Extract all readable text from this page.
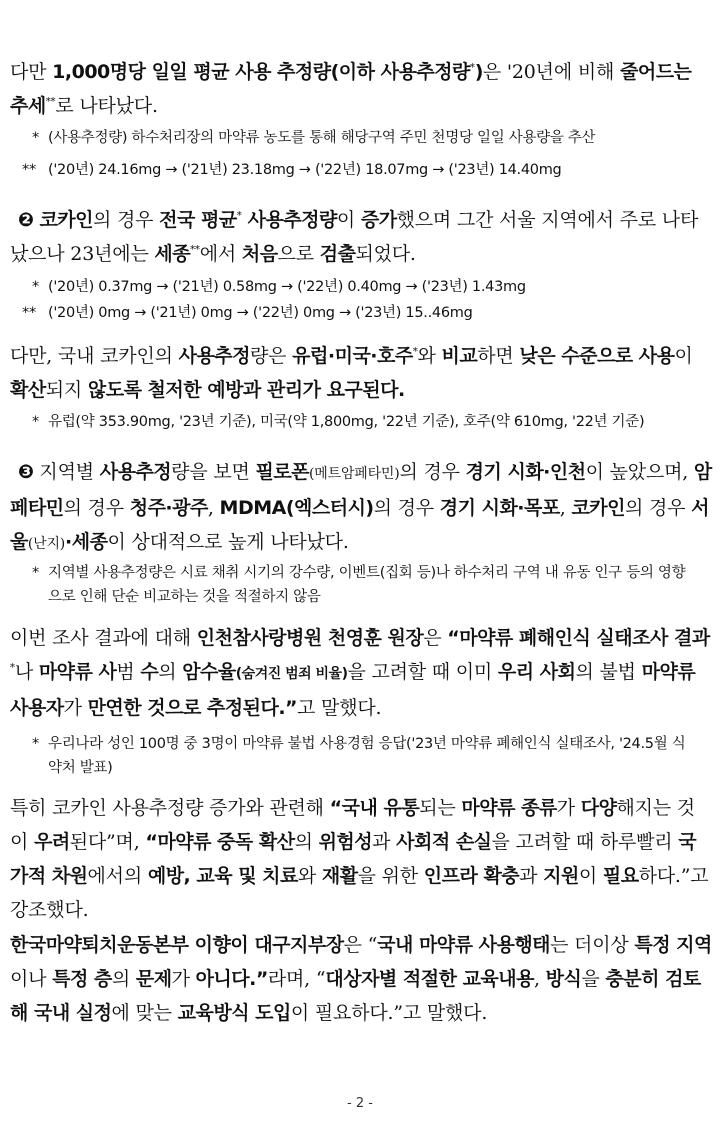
다만 1,000명당 일일 평균 사용 추정량(이하 사용추정량*)은 '20년에 비해 줄어드는 추세**로 나타났다.
* (사용추정량) 하수처리장의 마약류 농도를 통해 해당구역 주민 천명당 일일 사용량을 추산
** ('20년) 24.16mg → ('21년) 23.18mg → ('22년) 18.07mg → ('23년) 14.40mg
❷ 코카인의 경우 전국 평균* 사용추정량이 증가했으며 그간 서울 지역에서 주로 나타났으나 23년에는 세종**에서 처음으로 검출되었다.
* ('20년) 0.37mg → ('21년) 0.58mg → ('22년) 0.40mg → ('23년) 1.43mg
** ('20년) 0mg → ('21년) 0mg → ('22년) 0mg → ('23년) 15..46mg
다만, 국내 코카인의 사용추정량은 유럽·미국·호주*와 비교하면 낮은 수준으로 사용이 확산되지 않도록 철저한 예방과 관리가 요구된다.
* 유럽(약 353.90mg, '23년 기준), 미국(약 1,800mg, '22년 기준), 호주(약 610mg, '22년 기준)
❸ 지역별 사용추정량을 보면 필로폰(메트암페타민)의 경우 경기 시화·인천이 높았으며, 암페타민의 경우 청주·광주, MDMA(엑스터시)의 경우 경기 시화·목포, 코카인의 경우 서울(난지)·세종이 상대적으로 높게 나타났다.
* 지역별 사용추정량은 시료 채취 시기의 강수량, 이벤트(집회 등)나 하수처리 구역 내 유동 인구 등의 영향으로 인해 단순 비교하는 것을 적절하지 않음
이번 조사 결과에 대해 인천참사랑병원 천영훈 원장은 “마약류 폐해인식 실태조사 결과*나 마약류 사범 수의 암수율(숨겨진 범죄 비율)을 고려할 때 이미 우리 사회의 불법 마약류 사용자가 만연한 것으로 추정된다.”고 말했다.
* 우리나라 성인 100명 중 3명이 마약류 불법 사용경험 응답('23년 마약류 폐해인식 실태조사, '24.5월 식약처 발표)
특히 코카인 사용추정량 증가와 관련해 “국내 유통되는 마약류 종류가 다양해지는 것이 우려된다”며, “마약류 중독 확산의 위험성과 사회적 손실을 고려할 때 하루빨리 국가적 차원에서의 예방, 교육 및 치료와 재활을 위한 인프라 확충과 지원이 필요하다.”고 강조했다.
한국마약퇴치운동본부 이향이 대구지부장은 “국내 마약류 사용행태는 더이상 특정 지역이나 특정 층의 문제가 아니다.”라며, “대상자별 적절한 교육내용, 방식을 충분히 검토해 국내 실정에 맞는 교육방식 도입이 필요하다.”고 말했다.
- 2 -
